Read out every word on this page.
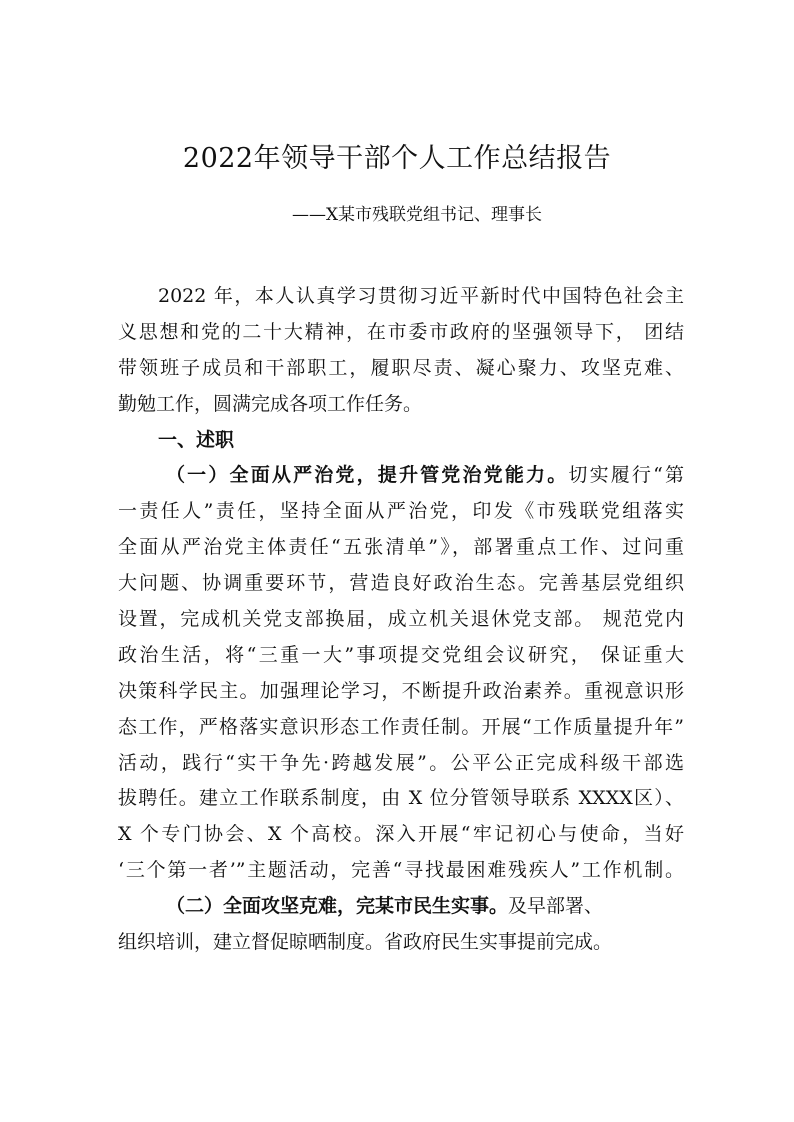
2022年领导干部个人工作总结报告
——X某市残联党组书记、理事长
2022 年，本人认真学习贯彻习近平新时代中国特色社会主
义思想和党的二十大精神，在市委市政府的坚强领导下， 团结
带领班子成员和干部职工，履职尽责、凝心聚力、攻坚克难、
勤勉工作，圆满完成各项工作任务。
一、述职
（一）全面从严治党，提升管党治党能力。切实履行“第
一责任人”责任，坚持全面从严治党，印发《市残联党组落实
全面从严治党主体责任“五张清单”》，部署重点工作、过问重
大问题、协调重要环节，营造良好政治生态。完善基层党组织
设置，完成机关党支部换届，成立机关退休党支部。 规范党内
政治生活，将“三重一大”事项提交党组会议研究， 保证重大
决策科学民主。加强理论学习，不断提升政治素养。重视意识形
态工作，严格落实意识形态工作责任制。开展“工作质量提升年”
活动，践行“实干争先·跨越发展”。公平公正完成科级干部选
拔聘任。建立工作联系制度，由 X 位分管领导联系 XXXX区）、
X 个专门协会、X 个高校。深入开展“牢记初心与使命，当好
‘三个第一者’”主题活动，完善“寻找最困难残疾人”工作机制。
（二）全面攻坚克难，完某市民生实事。及早部署、
组织培训，建立督促晾晒制度。省政府民生实事提前完成。
